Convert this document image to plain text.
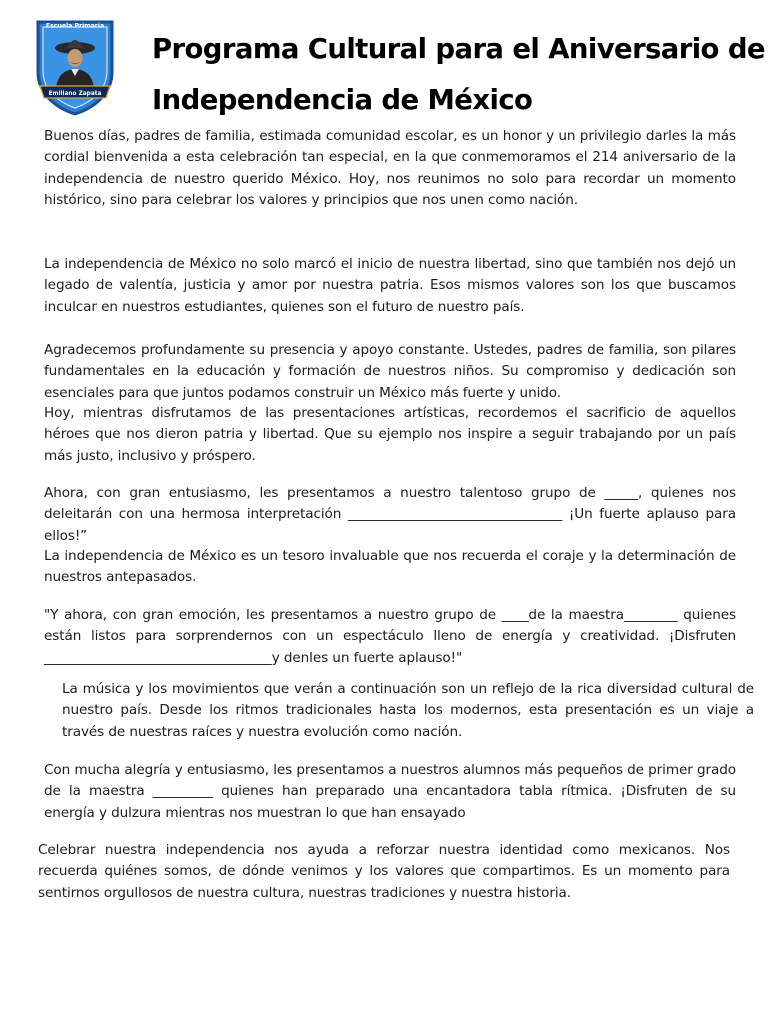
Escuela Primaria
Emiliano Zapata
Programa Cultural para el Aniversario de
Independencia de México

Buenos días, padres de familia, estimada comunidad escolar, es un honor y un privilegio darles la más cordial bienvenida a esta celebración tan especial, en la que conmemoramos el 214 aniversario de la independencia de nuestro querido México. Hoy, nos reunimos no solo para recordar un momento histórico, sino para celebrar los valores y principios que nos unen como nación.

La independencia de México no solo marcó el inicio de nuestra libertad, sino que también nos dejó un legado de valentía, justicia y amor por nuestra patria. Esos mismos valores son los que buscamos inculcar en nuestros estudiantes, quienes son el futuro de nuestro país.

Agradecemos profundamente su presencia y apoyo constante. Ustedes, padres de familia, son pilares fundamentales en la educación y formación de nuestros niños. Su compromiso y dedicación son esenciales para que juntos podamos construir un México más fuerte y unido.

Hoy, mientras disfrutamos de las presentaciones artísticas, recordemos el sacrificio de aquellos héroes que nos dieron patria y libertad. Que su ejemplo nos inspire a seguir trabajando por un país más justo, inclusivo y próspero.

Ahora, con gran entusiasmo, les presentamos a nuestro talentoso grupo de _____, quienes nos deleitarán con una hermosa interpretación ________________________________ ¡Un fuerte aplauso para ellos!”

La independencia de México es un tesoro invaluable que nos recuerda el coraje y la determinación de nuestros antepasados.

"Y ahora, con gran emoción, les presentamos a nuestro grupo de ____de la maestra________ quienes están listos para sorprendernos con un espectáculo lleno de energía y creatividad. ¡Disfruten __________________________________y denles un fuerte aplauso!"

La música y los movimientos que verán a continuación son un reflejo de la rica diversidad cultural de nuestro país. Desde los ritmos tradicionales hasta los modernos, esta presentación es un viaje a través de nuestras raíces y nuestra evolución como nación.

Con mucha alegría y entusiasmo, les presentamos a nuestros alumnos más pequeños de primer grado de la maestra _________ quienes han preparado una encantadora tabla rítmica. ¡Disfruten de su energía y dulzura mientras nos muestran lo que han ensayado

Celebrar nuestra independencia nos ayuda a reforzar nuestra identidad como mexicanos. Nos recuerda quiénes somos, de dónde venimos y los valores que compartimos. Es un momento para sentirnos orgullosos de nuestra cultura, nuestras tradiciones y nuestra historia.
